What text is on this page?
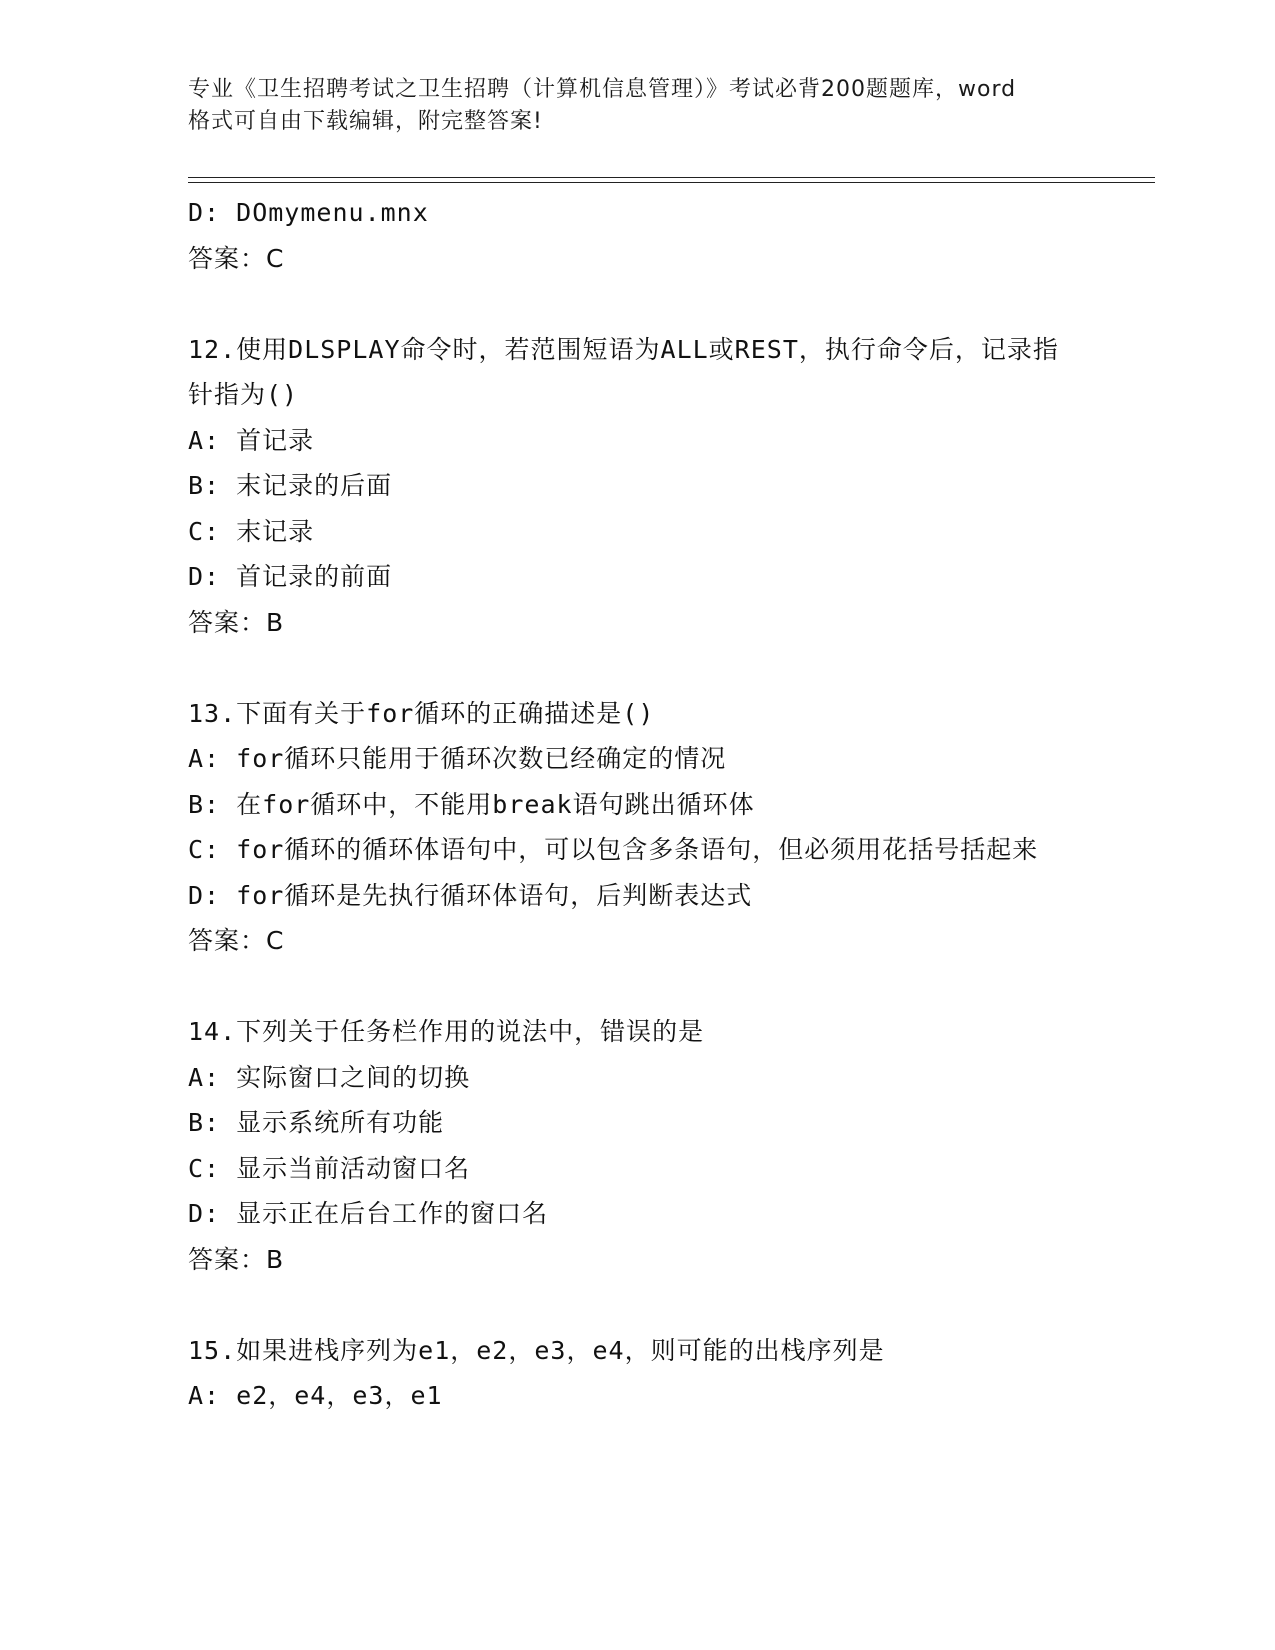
专业《卫生招聘考试之卫生招聘（计算机信息管理）》考试必背200题题库，word
格式可自由下载编辑，附完整答案!
D: DOmymenu.mnx
答案：C
12.使用DLSPLAY命令时，若范围短语为ALL或REST，执行命令后，记录指针指为()
A: 首记录
B: 末记录的后面
C: 末记录
D: 首记录的前面
答案：B
13.下面有关于for循环的正确描述是()
A: for循环只能用于循环次数已经确定的情况
B: 在for循环中，不能用break语句跳出循环体
C: for循环的循环体语句中，可以包含多条语句，但必须用花括号括起来
D: for循环是先执行循环体语句，后判断表达式
答案：C
14.下列关于任务栏作用的说法中，错误的是
A: 实际窗口之间的切换
B: 显示系统所有功能
C: 显示当前活动窗口名
D: 显示正在后台工作的窗口名
答案：B
15.如果进栈序列为e1，e2，e3，e4，则可能的出栈序列是
A: e2，e4，e3，e1
